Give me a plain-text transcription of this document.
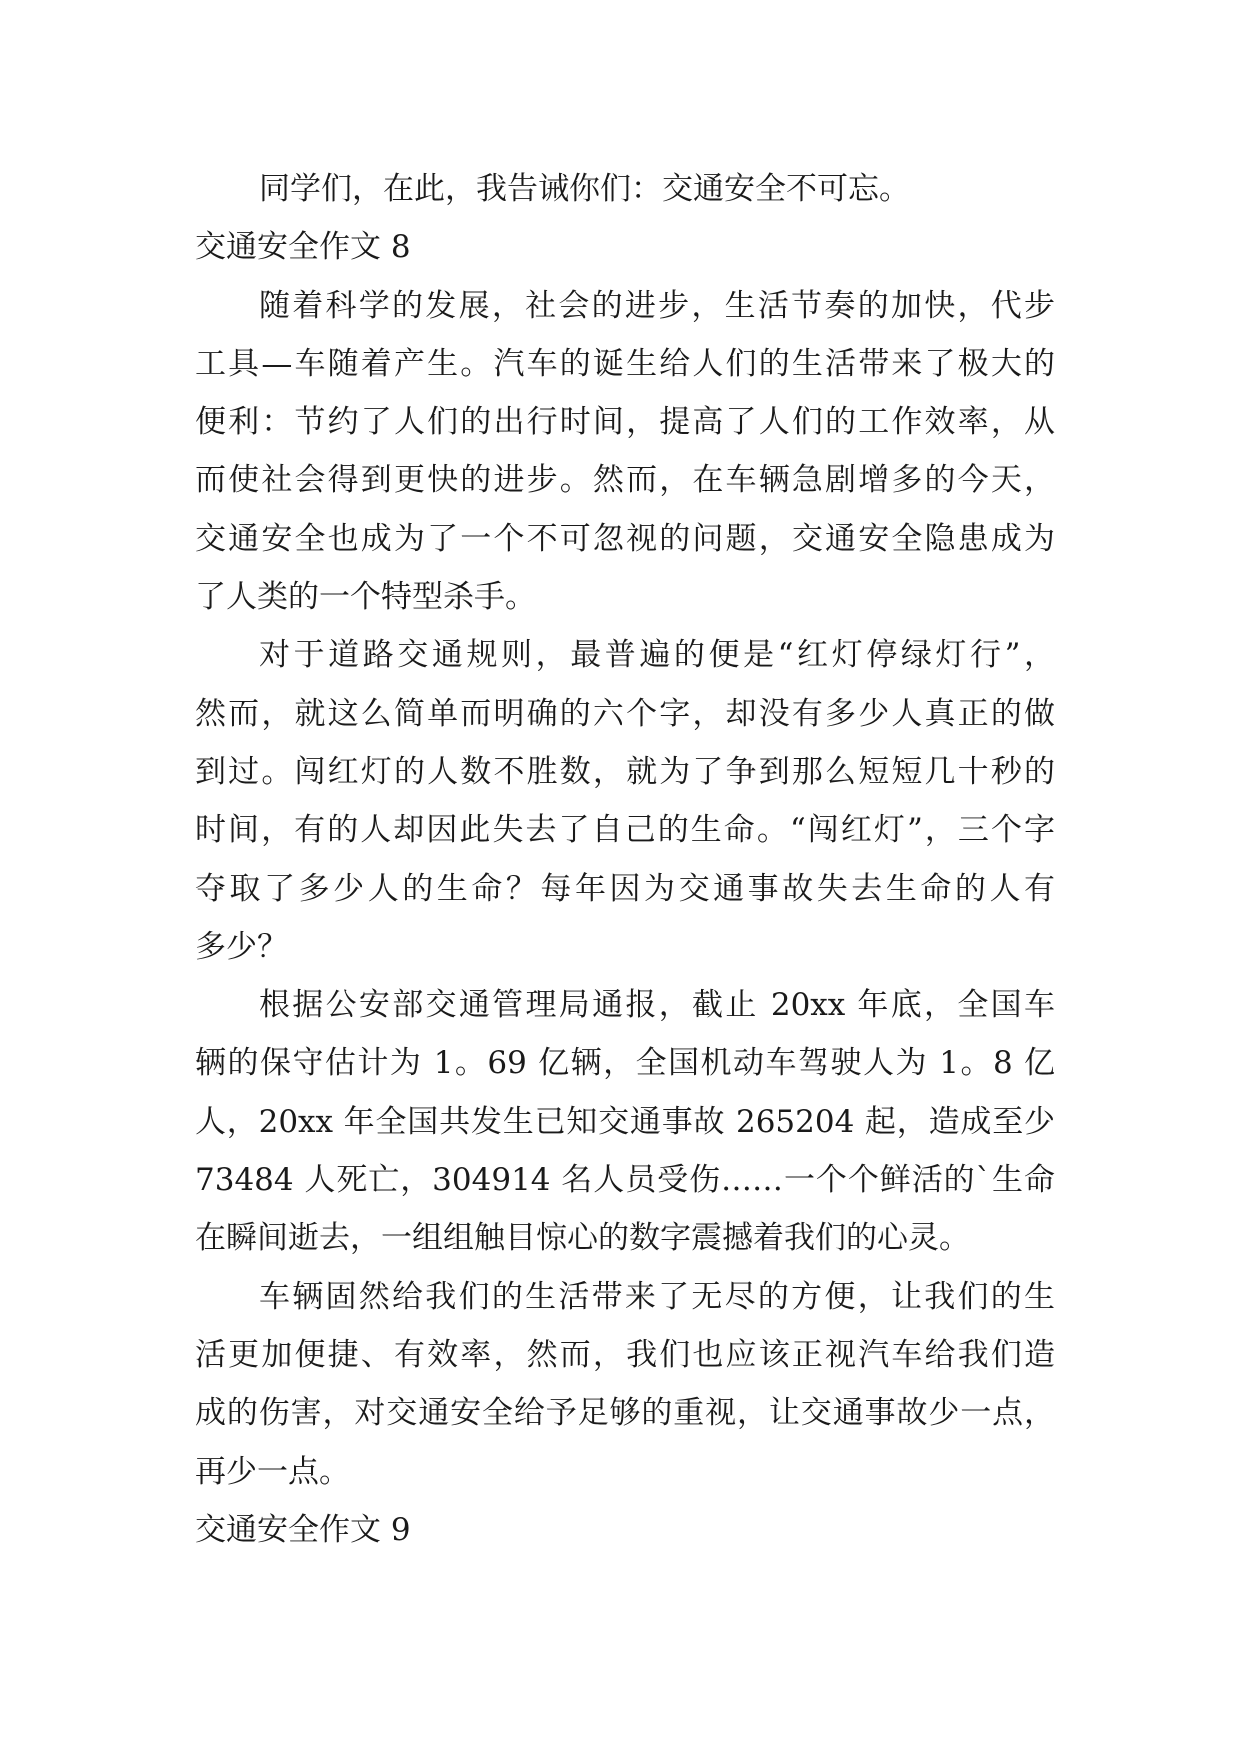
同学们，在此，我告诫你们：交通安全不可忘。
交通安全作文 8
随着科学的发展，社会的进步，生活节奏的加快，代步
工具—车随着产生。汽车的诞生给人们的生活带来了极大的
便利：节约了人们的出行时间，提高了人们的工作效率，从
而使社会得到更快的进步。然而，在车辆急剧增多的今天，
交通安全也成为了一个不可忽视的问题，交通安全隐患成为
了人类的一个特型杀手。
对于道路交通规则，最普遍的便是“红灯停绿灯行”，
然而，就这么简单而明确的六个字，却没有多少人真正的做
到过。闯红灯的人数不胜数，就为了争到那么短短几十秒的
时间，有的人却因此失去了自己的生命。“闯红灯”，三个字
夺取了多少人的生命？每年因为交通事故失去生命的人有
多少？
根据公安部交通管理局通报，截止 20xx 年底，全国车
辆的保守估计为 1。69 亿辆，全国机动车驾驶人为 1。8 亿
人，20xx 年全国共发生已知交通事故 265204 起，造成至少
73484 人死亡，304914 名人员受伤……一个个鲜活的`生命
在瞬间逝去，一组组触目惊心的数字震撼着我们的心灵。
车辆固然给我们的生活带来了无尽的方便，让我们的生
活更加便捷、有效率，然而，我们也应该正视汽车给我们造
成的伤害，对交通安全给予足够的重视，让交通事故少一点，
再少一点。
交通安全作文 9
